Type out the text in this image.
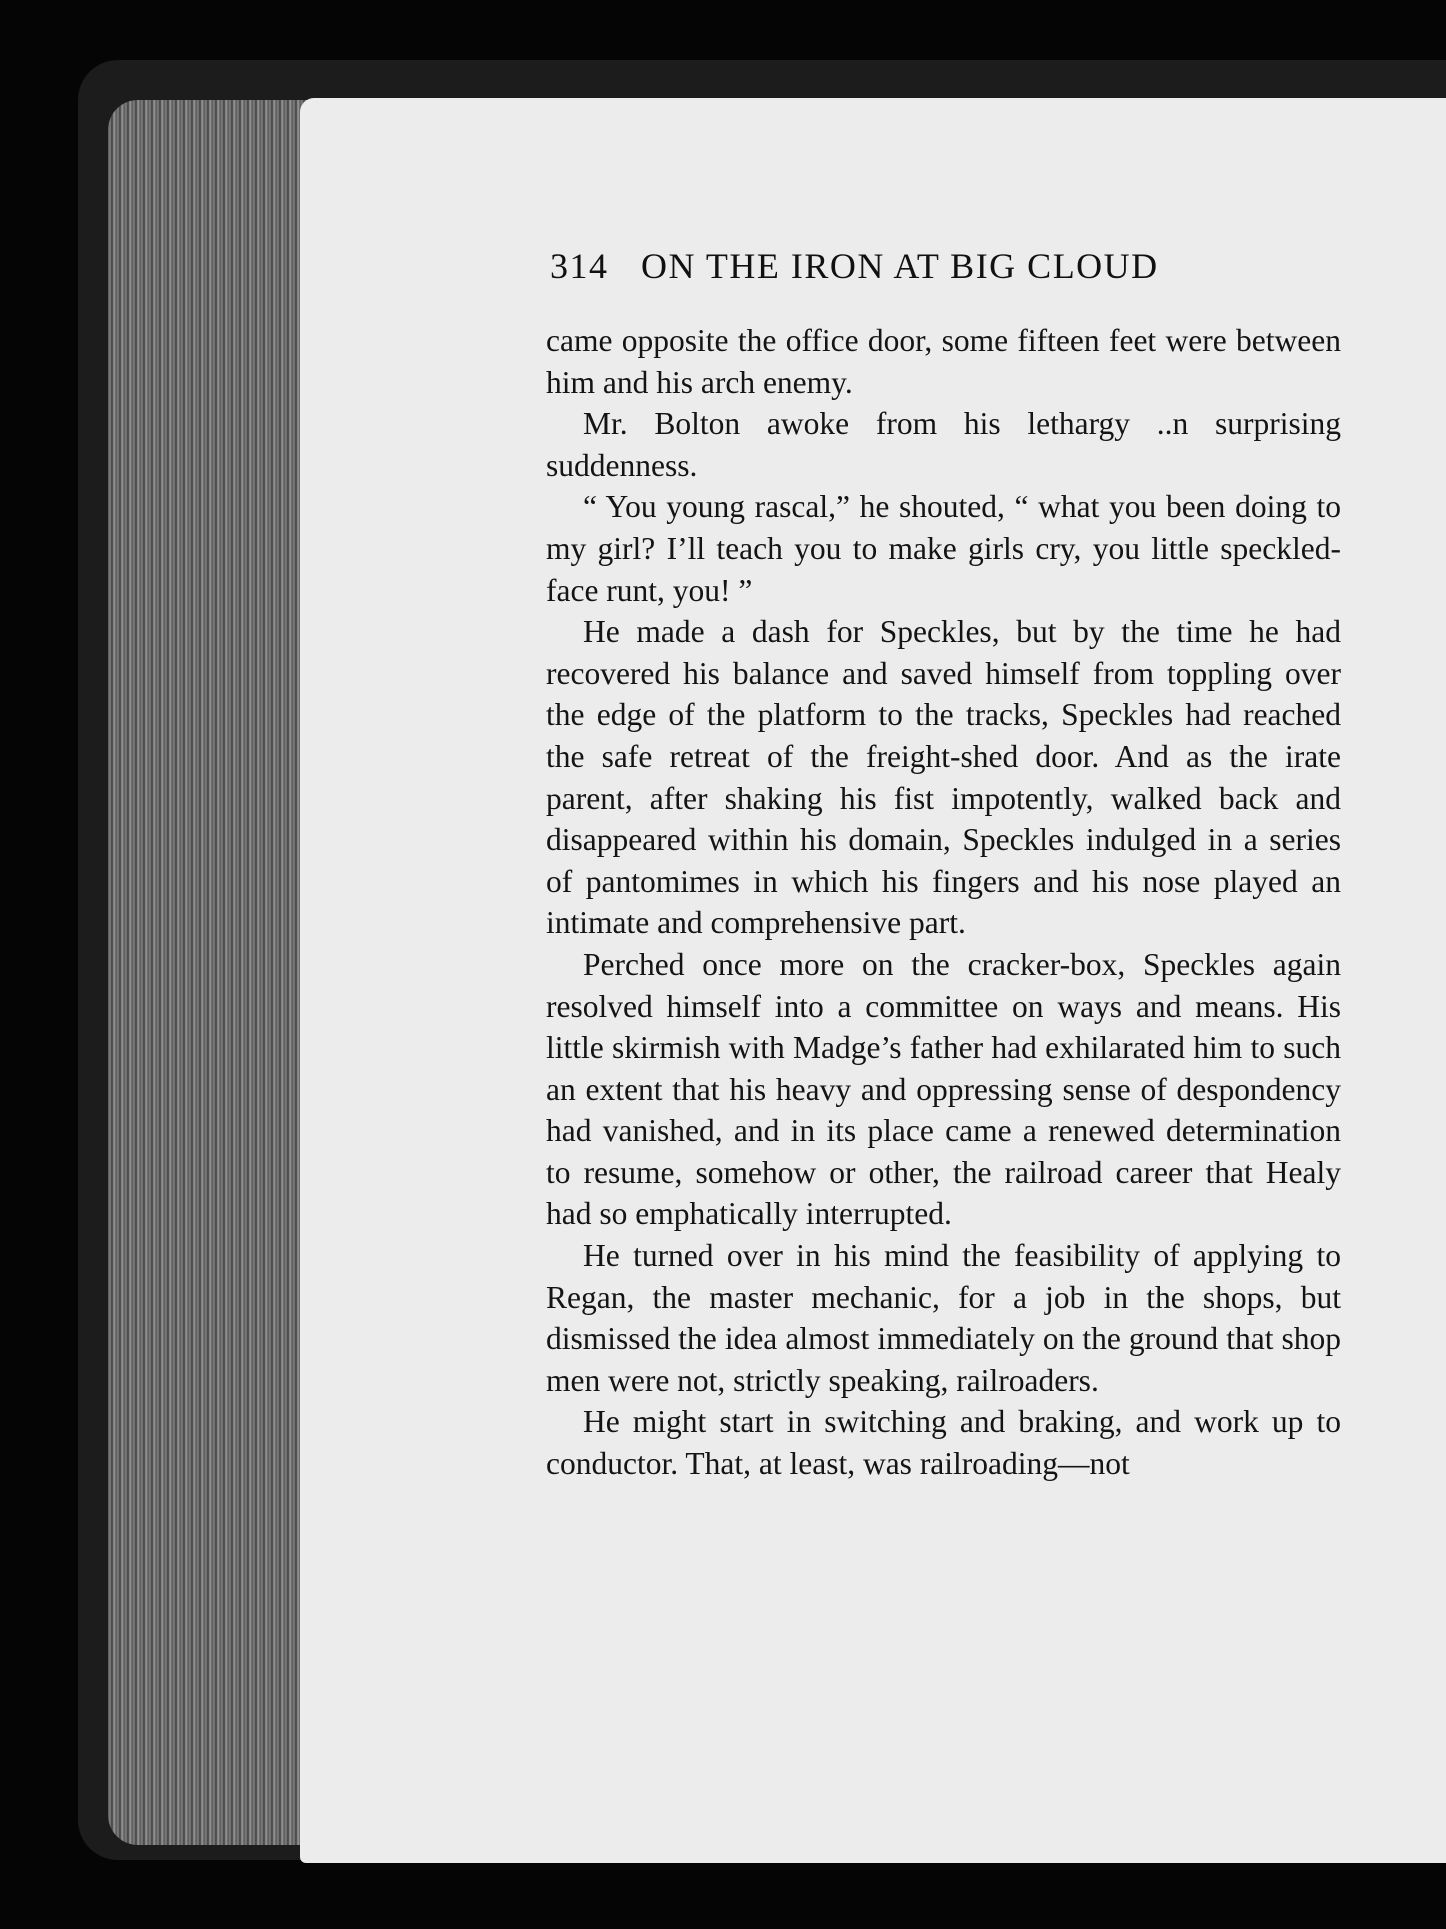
314 ON THE IRON AT BIG CLOUD

came opposite the office door, some fifteen feet were between him and his arch enemy.

Mr. Bolton awoke from his lethargy ..n surprising suddenness.

“ You young rascal,” he shouted, “ what you been doing to my girl? I’ll teach you to make girls cry, you little speckled-face runt, you! ”

He made a dash for Speckles, but by the time he had recovered his balance and saved himself from toppling over the edge of the platform to the tracks, Speckles had reached the safe retreat of the freight-shed door. And as the irate parent, after shaking his fist impotently, walked back and disappeared within his domain, Speckles indulged in a series of pantomimes in which his fingers and his nose played an intimate and comprehensive part.

Perched once more on the cracker-box, Speckles again resolved himself into a committee on ways and means. His little skirmish with Madge’s father had exhilarated him to such an extent that his heavy and oppressing sense of despondency had vanished, and in its place came a renewed determination to resume, somehow or other, the railroad career that Healy had so emphatically interrupted.

He turned over in his mind the feasibility of applying to Regan, the master mechanic, for a job in the shops, but dismissed the idea almost immediately on the ground that shop men were not, strictly speaking, railroaders.

He might start in switching and braking, and work up to conductor. That, at least, was railroading—not
